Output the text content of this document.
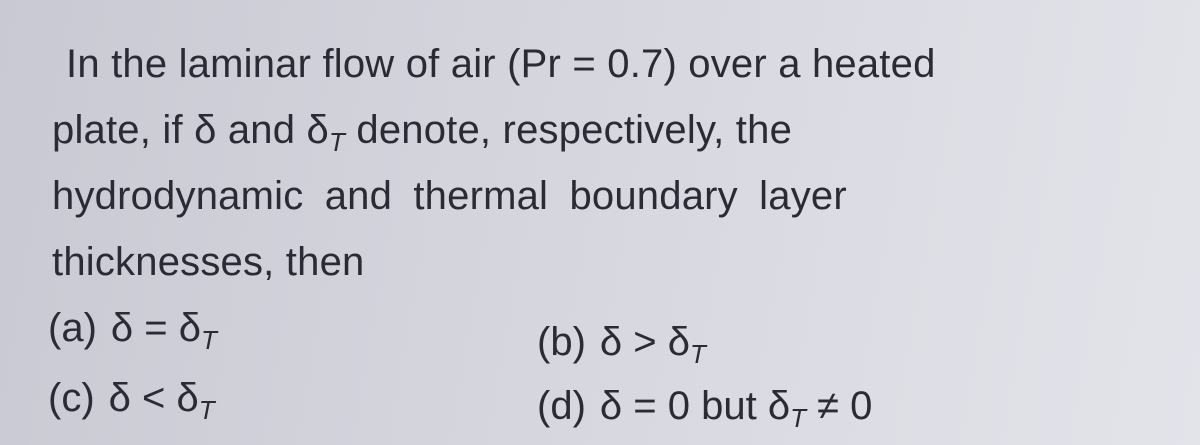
In the laminar flow of air (Pr = 0.7) over a heated
plate, if δ and $\delta_T$ denote, respectively, the
hydrodynamic and thermal boundary layer
thicknesses, then
(a) $\delta = \delta_T$	(b) $\delta > \delta_T$
(c) $\delta < \delta_T$	(d) δ = 0 but $\delta_T \ne 0$
